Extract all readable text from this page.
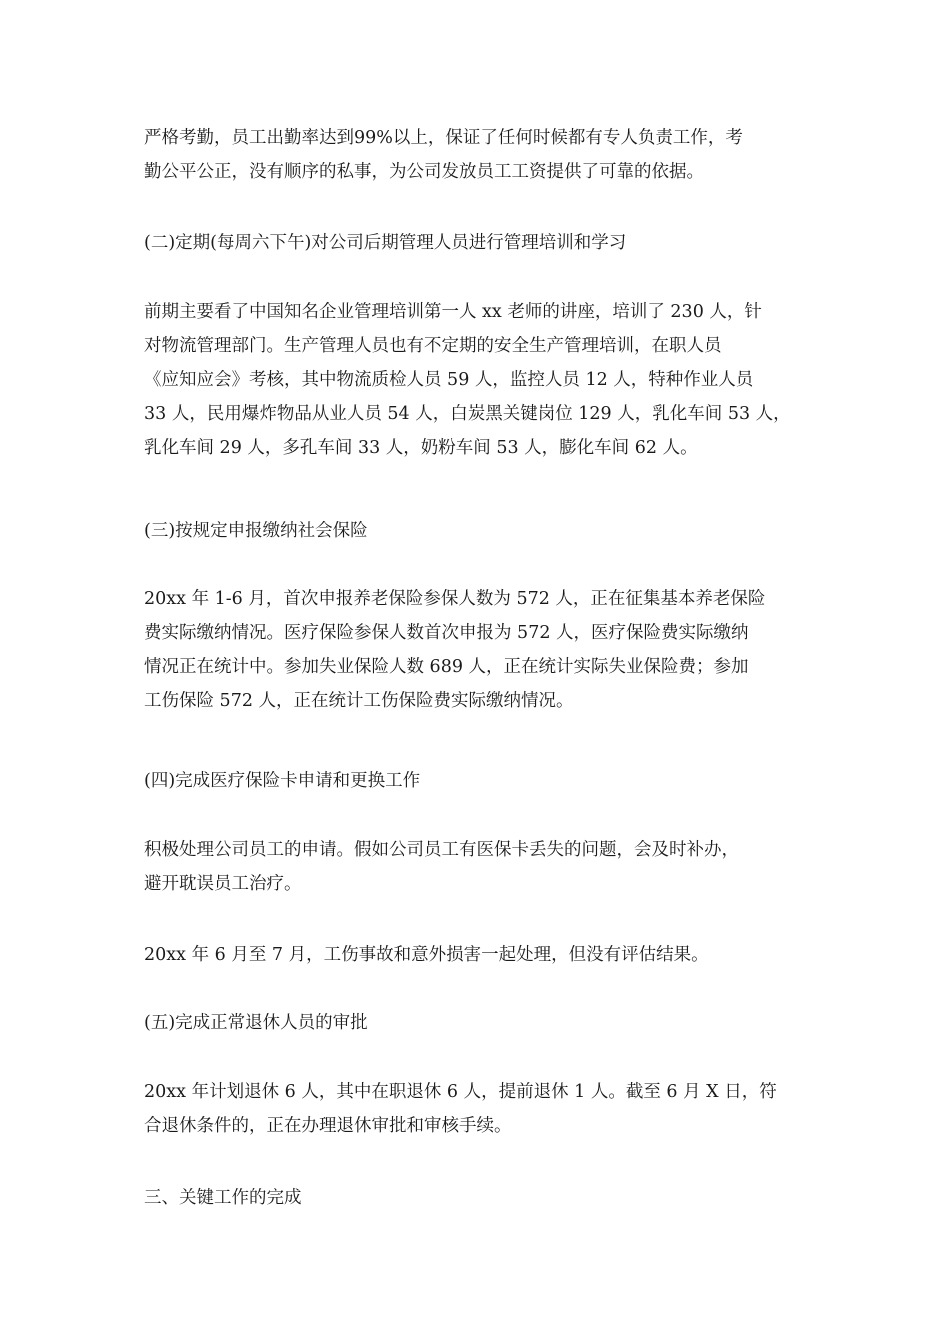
严格考勤，员工出勤率达到99%以上，保证了任何时候都有专人负责工作，考
勤公平公正，没有顺序的私事，为公司发放员工工资提供了可靠的依据。
(二)定期(每周六下午)对公司后期管理人员进行管理培训和学习
前期主要看了中国知名企业管理培训第一人 xx 老师的讲座，培训了 230 人，针
对物流管理部门。生产管理人员也有不定期的安全生产管理培训，在职人员
《应知应会》考核，其中物流质检人员 59 人，监控人员 12 人，特种作业人员
33 人，民用爆炸物品从业人员 54 人，白炭黑关键岗位 129 人，乳化车间 53 人，
乳化车间 29 人，多孔车间 33 人，奶粉车间 53 人，膨化车间 62 人。
(三)按规定申报缴纳社会保险
20xx 年 1-6 月，首次申报养老保险参保人数为 572 人，正在征集基本养老保险
费实际缴纳情况。医疗保险参保人数首次申报为 572 人，医疗保险费实际缴纳
情况正在统计中。参加失业保险人数 689 人，正在统计实际失业保险费；参加
工伤保险 572 人，正在统计工伤保险费实际缴纳情况。
(四)完成医疗保险卡申请和更换工作
积极处理公司员工的申请。假如公司员工有医保卡丢失的问题，会及时补办，
避开耽误员工治疗。
20xx 年 6 月至 7 月，工伤事故和意外损害一起处理，但没有评估结果。
(五)完成正常退休人员的审批
20xx 年计划退休 6 人，其中在职退休 6 人，提前退休 1 人。截至 6 月 X 日，符
合退休条件的，正在办理退休审批和审核手续。
三、关键工作的完成
